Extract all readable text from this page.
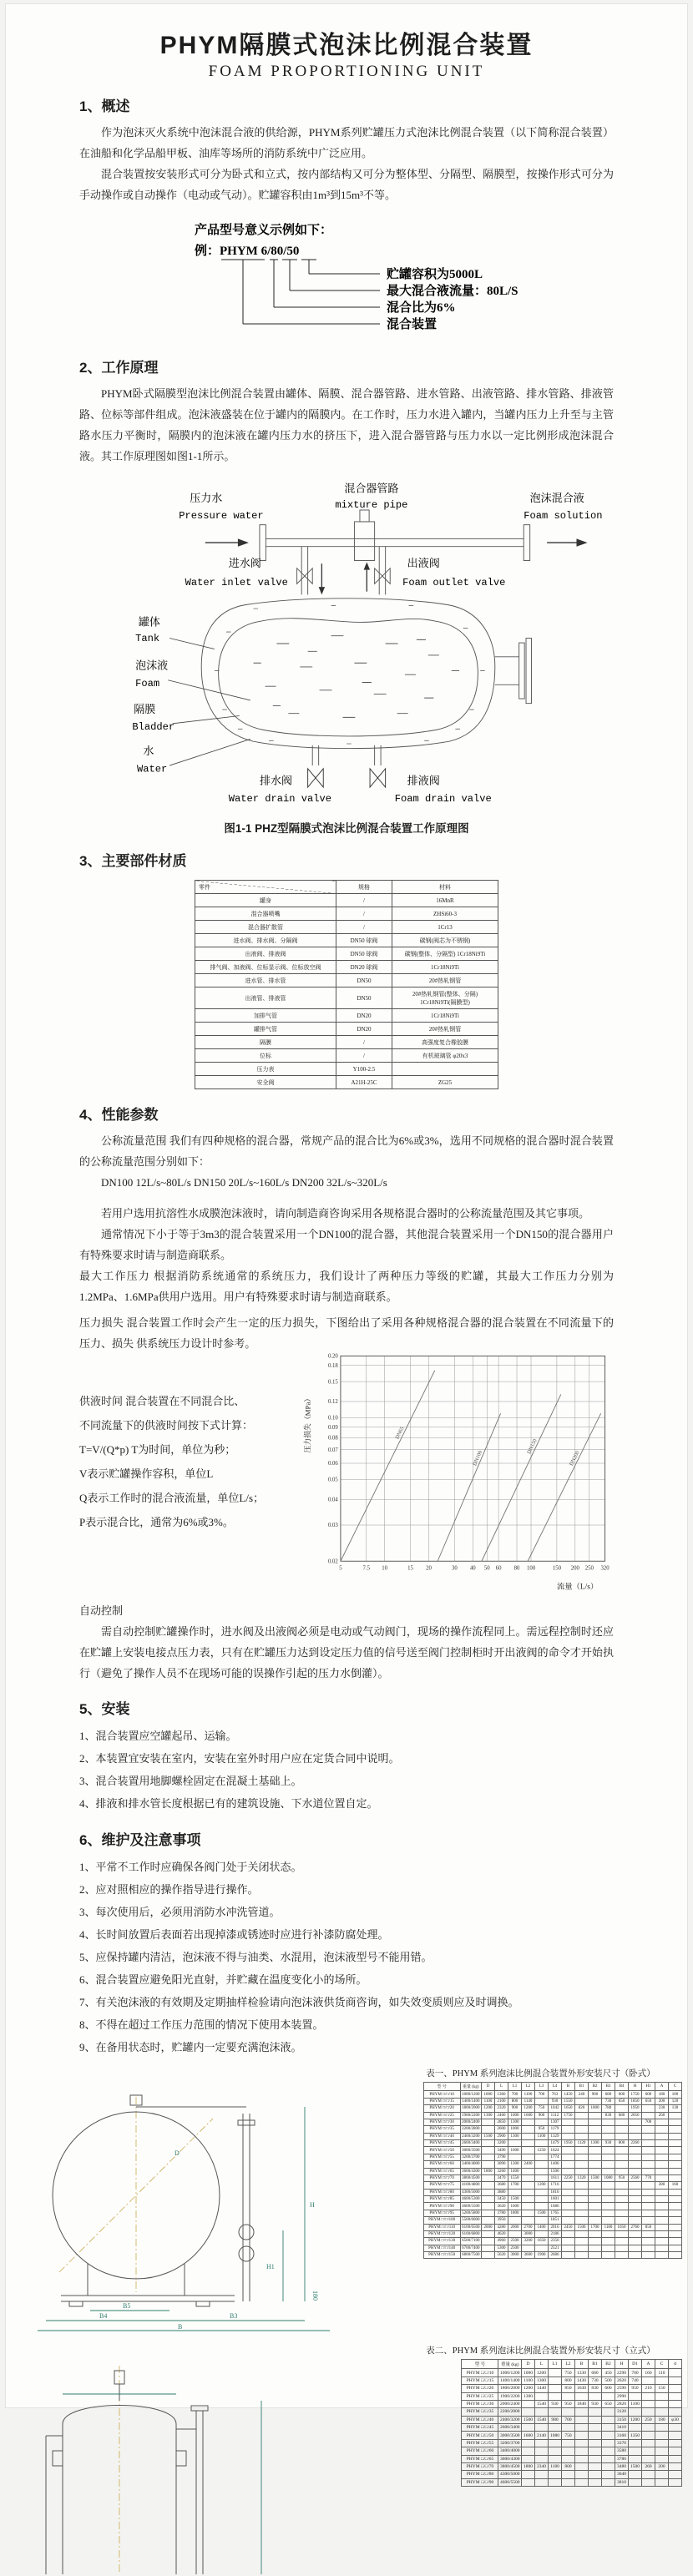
PHYM隔膜式泡沫比例混合装置
FOAM PROPORTIONING UNIT
1、概述

作为泡沫灭火系统中泡沫混合液的供给源，PHYM系列贮罐压力式泡沫比例混合装置（以下简称混合装置）在油船和化学品船甲板、油库等场所的消防系统中广泛应用。

混合装置按安装形式可分为卧式和立式，按内部结构又可分为整体型、分隔型、隔膜型，按操作形式可分为手动操作或自动操作（电动或气动）。贮罐容积由1m³到15m³不等。

产品型号意义示例如下：
例：PHYM 6/80/50
贮罐容积为5000L
最大混合液流量：80L/S
混合比为6%
混合装置
2、工作原理

PHYM卧式隔膜型泡沫比例混合装置由罐体、隔膜、混合器管路、进水管路、出液管路、排水管路、排液管路、位标等部件组成。泡沫液盛装在位于罐内的隔膜内。在工作时，压力水进入罐内，当罐内压力上升至与主管路水压力平衡时，隔膜内的泡沫液在罐内压力水的挤压下，进入混合器管路与压力水以一定比例形成泡沫混合液。其工作原理图如图1-1所示。

压力水
Pressure water
混合器管路
mixture pipe
泡沫混合液
Foam solution
进水阀
Water inlet valve
出液阀
Foam outlet valve
罐体
Tank
泡沫液
Foam
隔膜
Bladder
水
Water
排水阀
Water drain valve
排液阀
Foam drain valve
图1-1 PHZ型隔膜式泡沫比例混合装置工作原理图
3、主要部件材质
零件	规格	材料
罐身	/	16MnR
混合器喷嘴	/	ZHSi60-3
混合器扩散管	/	1Cr13
进水阀、排水阀、分隔阀	DN50 球阀	碳钢(阀芯为不锈钢)
出液阀、排液阀	DN50 球阀	碳钢(整体、分隔型) 1Cr18Ni9Ti
排气阀、加液阀、位标显示阀、位标放空阀	DN20 球阀	1Cr18Ni9Ti
进水管、排水管	DN50	20#热轧钢管
出液管、排液管	DN50	20#热轧钢管(整体、分隔) 1Cr18Ni9Ti(隔膜型)
加排气管	DN20	1Cr18Ni9Ti
罐排气管	DN20	20#热轧钢管
隔膜	/	高强度复合橡胶膜
位标	/	有机玻璃管 φ20x3
压力表	Y100-2.5	
安全阀	A21H-25C	ZG25
4、性能参数

公称流量范围 我们有四种规格的混合器，常规产品的混合比为6%或3%，选用不同规格的混合器时混合装置的公称流量范围分别如下：

DN100 12L/s~80L/s DN150 20L/s~160L/s DN200 32L/s~320L/s

若用户选用抗溶性水成膜泡沫液时，请向制造商咨询采用各规格混合器时的公称流量范围及其它事项。

通常情况下小于等于3m3的混合装置采用一个DN100的混合器，其他混合装置采用一个DN150的混合器用户有特殊要求时请与制造商联系。

最大工作压力 根据消防系统通常的系统压力，我们设计了两种压力等级的贮罐，其最大工作压力分别为1.2MPa、1.6MPa供用户选用。用户有特殊要求时请与制造商联系。

压力损失 混合装置工作时会产生一定的压力损失，下图给出了采用各种规格混合器的混合装置在不同流量下的压力、损失 供系统压力设计时参考。

供液时间 混合装置在不同混合比、
不同流量下的供液时间按下式计算：
T=V/(Q*p) T为时间，单位为秒；
V表示贮罐操作容积，单位L
Q表示工作时的混合液流量，单位L/s；
P表示混合比，通常为6%或3%。
5	7.5 10	15 20	30 40 50 60 80 100	150 200 250 320
0.02
0.03
0.04
0.05
0.06
0.07
0.08
0.09
0.10
0.12
0.15
0.18
0.20
DN65
DN100
DN150
DN200
压力损失（MPa）
流量（L/s）

自动控制

需自动控制贮罐操作时，进水阀及出液阀必须是电动或气动阀门，现场的操作流程同上。需远程控制时还应在贮罐上安装电接点压力表，只有在贮罐压力达到设定压力值的信号送至阀门控制柜时开出液阀的命令才开始执行（避免了操作人员不在现场可能的误操作引起的压力水倒灌）。

5、安装

1、混合装置应空罐起吊、运输。

2、本装置宜安装在室内，安装在室外时用户应在定货合同中说明。

3、混合装置用地脚螺栓固定在混凝土基础上。

4、排液和排水管长度根据已有的建筑设施、下水道位置自定。

6、维护及注意事项

1、平常不工作时应确保各阀门处于关闭状态。

2、应对照相应的操作指导进行操作。

3、每次使用后，必须用消防水冲洗管道。

4、长时间放置后表面若出现掉漆或锈迹时应进行补漆防腐处理。

5、应保持罐内清洁，泡沫液不得与油类、水混用，泡沫液型号不能用错。

6、混合装置应避免阳光直射，并贮藏在温度变化小的场所。

7、有关泡沫液的有效期及定期抽样检验请向泡沫液供货商咨询，如失效变质则应及时调换。

8、不得在超过工作压力范围的情况下使用本装置。

9、在备用状态时，贮罐内一定要充满泡沫液。

表一、PHYM 系列泡沫比例混合装置外形安装尺寸（卧式）
D
H
H1
B5
B4	B3
B
180
型 号	重量 (kg)	D	L	L1	L2	L3	L4	B	B1	B2	B3	B4	H	H1	A	C
PHYM □/□/10	1000/1200	1000	1360	700	1100	700	763	1450	240	900	680	600	1750	600	180	100
PHYM □/□/15	1400/1400	1100	2100	800	1140		930	1550			730	650	1850	650	200	120
PHYM □/□/20	1800/2000	1200	2320	900	1200	750	1042	1650	820	1000	780		1950		230	130
PHYM □/□/25	1900/2200	1300	2460	1000	1600	900	1112	1750			830	680	2050		260	
PHYM □/□/30	2000/2400		2850	1300			1307							700		
PHYM □/□/35	2200/2800		2600	1000		950	1179									
PHYM □/□/40	2400/3200	1500	2900	1300		1100	1329									
PHYM □/□/45	2600/3400		3200				1479	1950	1120	1300	930	800	2260			
PHYM □/□/50	3000/3500		3490	1600		1250	1624									
PHYM □/□/55	3200/3700		3790				1774									
PHYM □/□/60	3400/4000		3090	1300	2400		1406									
PHYM □/□/65	3600/4300	1800	3260	1400			1506									
PHYM □/□/70	3800/4500		3470	1550			1611	2250	1320	1500	1080	950	2560	770		
PHYM □/□/75	4100/4800		3680	1700		1200	1716								280	160
PHYM □/□/80	4300/5000		3880				1816									
PHYM □/□/85	4600/5300		3450	1500			1601									
PHYM □/□/90	4600/5500		3620	1600			1686									
PHYM □/□/95	5200/5800		3780	1800		1500	1765									
PHYM □/□/100	5500/6000		3950				1851									
PHYM □/□/110	6100/6500	2000	4280	2000	2700	1400	2016	2450	1500	1700	1180	1050	2760	850		
PHYM □/□/120	6100/6800		4620		3000		2186									
PHYM □/□/130	6500/7100		4960	2500	3200	1650	2356									
PHYM □/□/140	6700/7400		5300	2500			2521									
PHYM □/□/150	6800/7500		5620	3000	3600	1900	2686									
表二、PHYM 系列泡沫比例混合装置外形安装尺寸（立式）
型 号	重量 (kg)	D	L	L1	L2	B	B1	B2	H	D1	A	C	d
PHYM □/□/10	1000/1200	1000	1200		750	1330	680	450	2290	700	160	110	
PHYM □/□/15	1400/1400	1100	1300		800	1430	730	500	2620	740			
PHYM □/□/20	1800/2000	1200	1440		850	1630	830	600	2590	950	210	150	
PHYM □/□/25	1900/2200	1300							2990				
PHYM □/□/30	2000/2400		1540	930	950	1840	930	650	2820	1100			
PHYM □/□/35	2200/2800								3120				
PHYM □/□/40	2400/3200	1500	1540	980	700				3150	1200	250	180	φ30
PHYM □/□/45	2600/3400								3410				
PHYM □/□/50	3000/3500	1600	2140	1080	750				3160	1350			
PHYM □/□/55	3200/3700								3370				
PHYM □/□/60	3400/4000								3580				
PHYM □/□/65	3600/4300								3780				
PHYM □/□/70	3800/4500	1800	2340	1180	800				3480	1500	260	200	
PHYM □/□/80	4300/5000								3640				
PHYM □/□/90	4600/5500								3810				
